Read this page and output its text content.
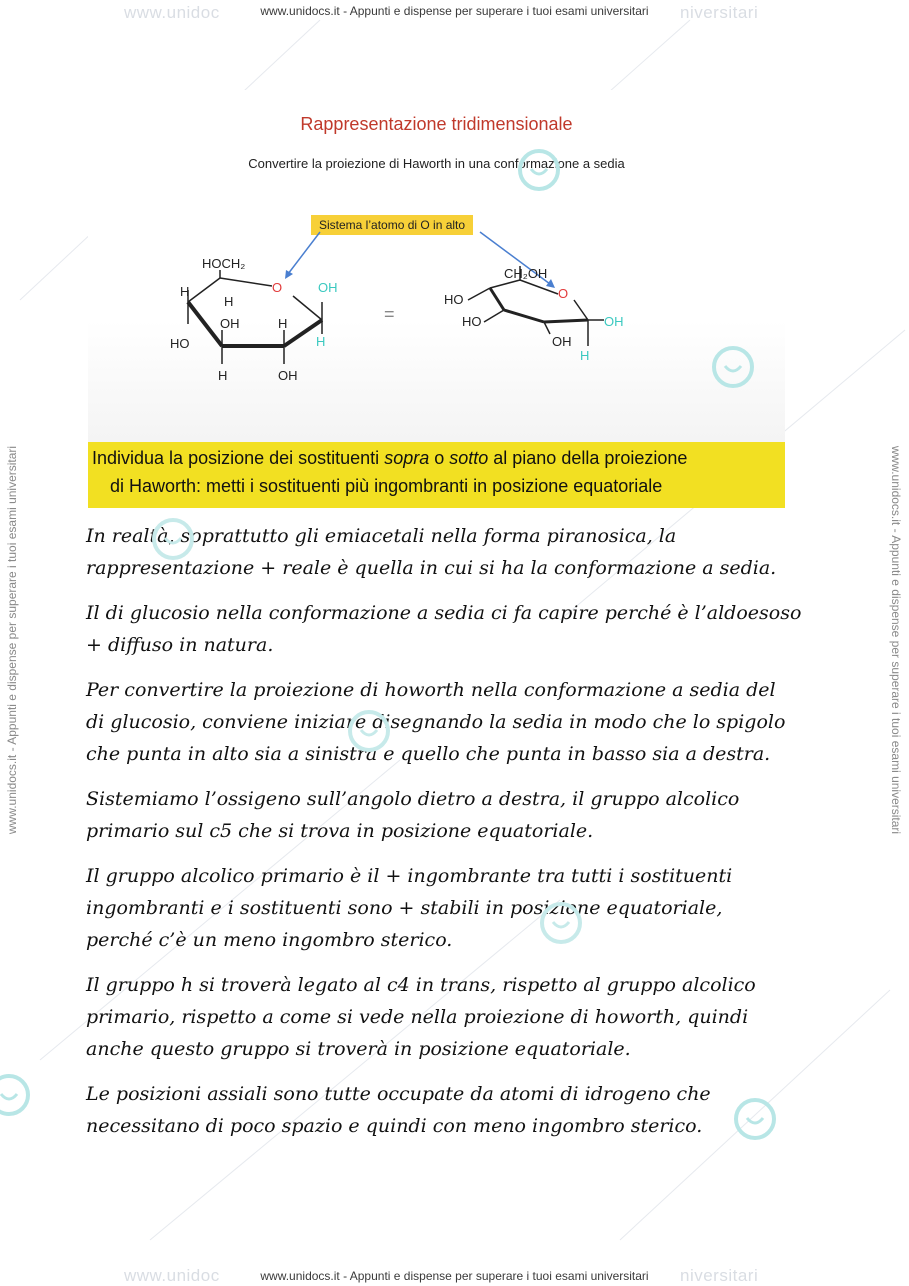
www.unidoc	niversitari
www.unidocs.it - Appunti e dispense per superare i tuoi esami universitari
www.unidoc	niversitari
www.unidocs.it - Appunti e dispense per superare i tuoi esami universitari
www.unidocs.it - Appunti e dispense per superare i tuoi esami universitari	www.unidocs.it - Appunti e dispense per superare i tuoi esami universitari
Rappresentazione tridimensionale
Convertire la proiezione di Haworth in una conformazione a sedia
Sistema l’atomo di O in alto
HOCH₂
O	OH
H
H
H
OH	H
HO
H	OH
=
CH₂OH
O
HO
HO
OH
OH
H
Individua la posizione dei sostituenti sopra o sotto al piano della proiezione
di Haworth: metti i sostituenti più ingombranti in posizione equatoriale

In realtà, soprattutto gli emiacetali nella forma piranosica, la
rappresentazione + reale è quella in cui si ha la conformazione a sedia.

Il di glucosio nella conformazione a sedia ci fa capire perché è l’aldoesoso
+ diffuso in natura.

Per convertire la proiezione di howorth nella conformazione a sedia del
di glucosio, conviene iniziare disegnando la sedia in modo che lo spigolo
che punta in alto sia a sinistra e quello che punta in basso sia a destra.

Sistemiamo l’ossigeno sull’angolo dietro a destra, il gruppo alcolico
primario sul c5 che si trova in posizione equatoriale.

Il gruppo alcolico primario è il + ingombrante tra tutti i sostituenti
ingombranti e i sostituenti sono + stabili in posizione equatoriale,
perché c’è un meno ingombro sterico.

Il gruppo h si troverà legato al c4 in trans, rispetto al gruppo alcolico
primario, rispetto a come si vede nella proiezione di howorth, quindi
anche questo gruppo si troverà in posizione equatoriale.

Le posizioni assiali sono tutte occupate da atomi di idrogeno che
necessitano di poco spazio e quindi con meno ingombro sterico.
